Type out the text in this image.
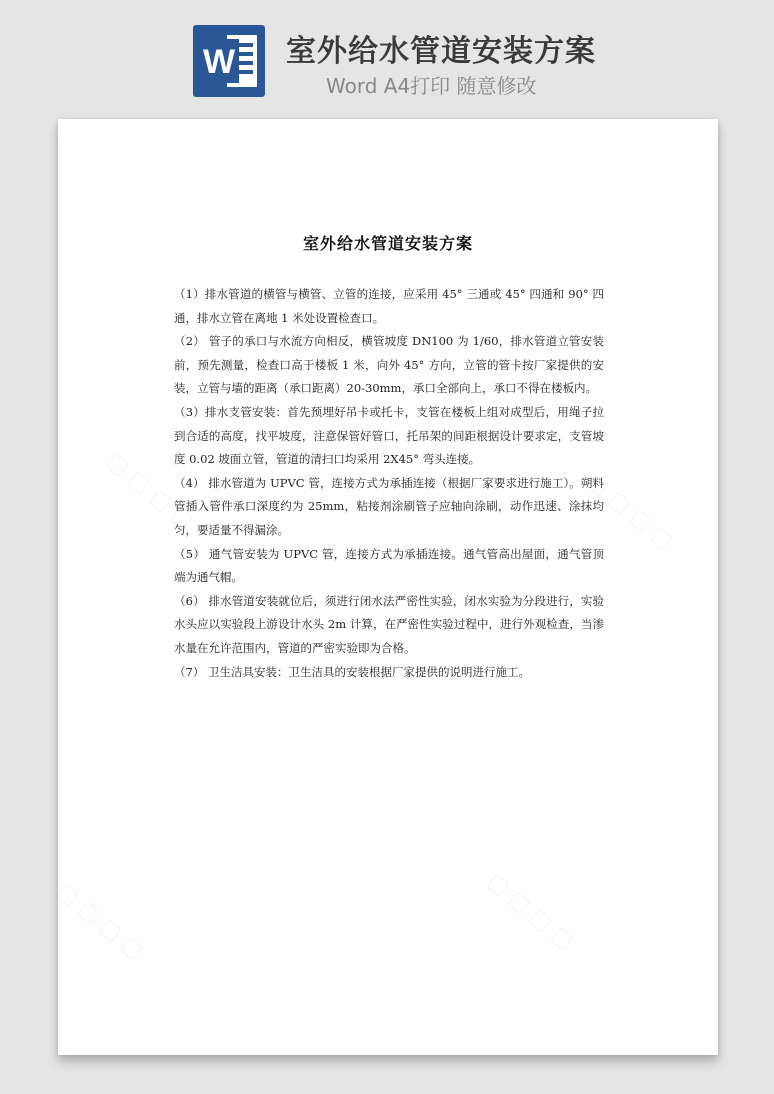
W 室外给水管道安装方案
Word A4打印 随意修改
室外给水管道安装方案

（1）排水管道的横管与横管、立管的连接，应采用 45° 三通或 45° 四通和 90° 四通，排水立管在离地 1 米处设置检查口。

（2） 管子的承口与水流方向相反，横管坡度 DN100 为 1/60，排水管道立管安装前，预先测量，检查口高于楼板 1 米，向外 45° 方向，立管的管卡按厂家提供的安装，立管与墙的距离（承口距离）20-30mm，承口全部向上，承口不得在楼板内。

（3）排水支管安装：首先预埋好吊卡或托卡，支管在楼板上组对成型后，用绳子拉到合适的高度，找平坡度，注意保管好管口，托吊架的间距根据设计要求定，支管坡度 0.02 坡面立管，管道的清扫口均采用 2X45° 弯头连接。

（4） 排水管道为 UPVC 管，连接方式为承插连接（根据厂家要求进行施工）。朔料管插入管件承口深度约为 25mm，粘接剂涂刷管子应轴向涂刷，动作迅速、涂抹均匀，要适量不得漏涂。

（5） 通气管安装为 UPVC 管，连接方式为承插连接。通气管高出屋面，通气管顶端为通气帽。

（6） 排水管道安装就位后，须进行闭水法严密性实验，闭水实验为分段进行，实验水头应以实验段上游设计水头 2m 计算，在严密性实验过程中，进行外观检查，当渗水量在允许范围内，管道的严密实验即为合格。

（7） 卫生洁具安装：卫生洁具的安装根据厂家提供的说明进行施工。
